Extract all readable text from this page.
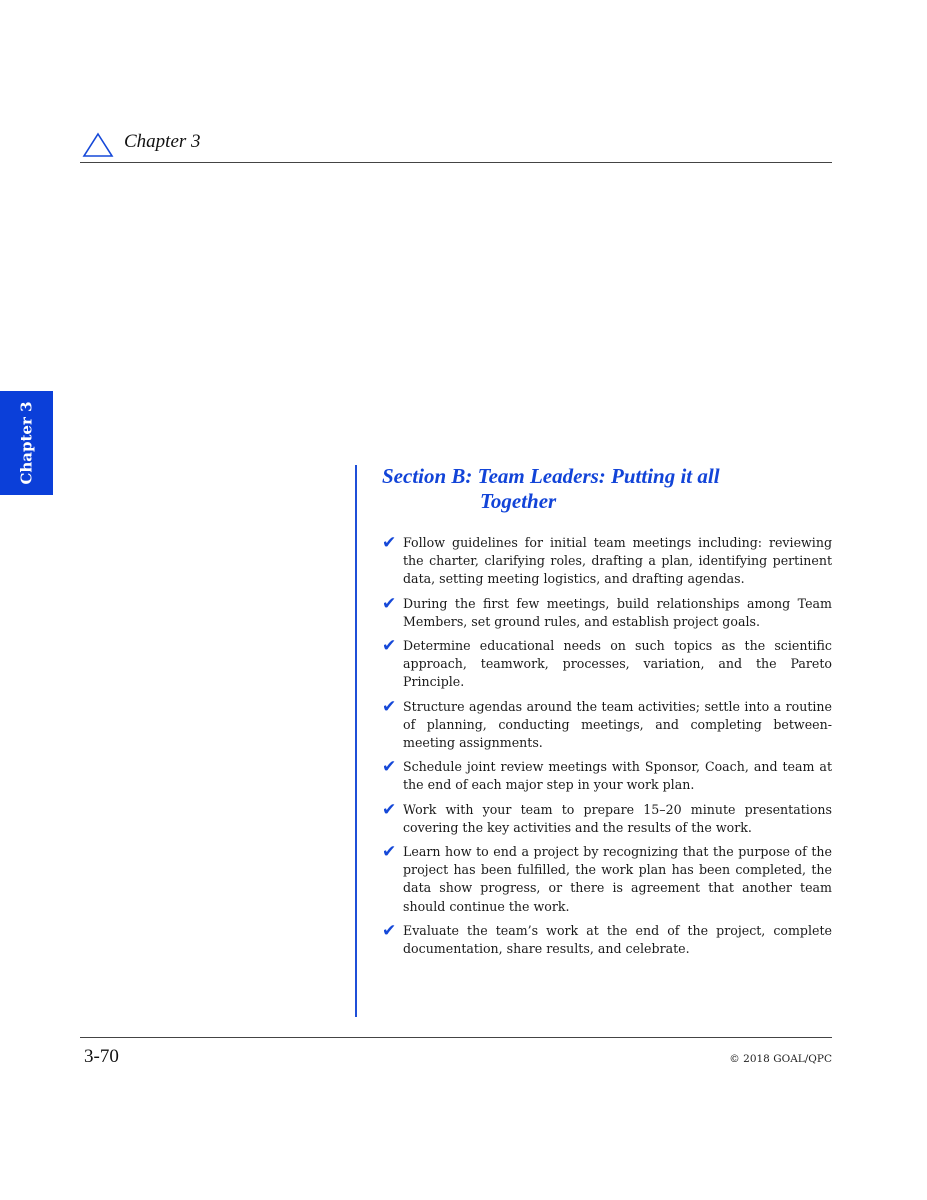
Chapter 3
Chapter 3	Section B: Team Leaders: Putting it all
Together
✔ Follow guidelines for initial team meetings including: reviewing the charter, clarifying roles, drafting a plan, identifying pertinent data, setting meeting logistics, and drafting agendas.
✔ During the first few meetings, build relationships among Team Members, set ground rules, and establish project goals.
✔ Determine educational needs on such topics as the scientific approach, teamwork, processes, variation, and the Pareto Principle.
✔ Structure agendas around the team activities; settle into a routine of planning, conducting meetings, and completing between-meeting assignments.
✔ Schedule joint review meetings with Sponsor, Coach, and team at the end of each major step in your work plan.
✔ Work with your team to prepare 15–20 minute presentations covering the key activities and the results of the work.
✔ Learn how to end a project by recognizing that the purpose of the project has been fulfilled, the work plan has been completed, the data show progress, or there is agreement that another team should continue the work.
✔ Evaluate the team’s work at the end of the project, complete documentation, share results, and celebrate.
3-70	© 2018 GOAL/QPC
